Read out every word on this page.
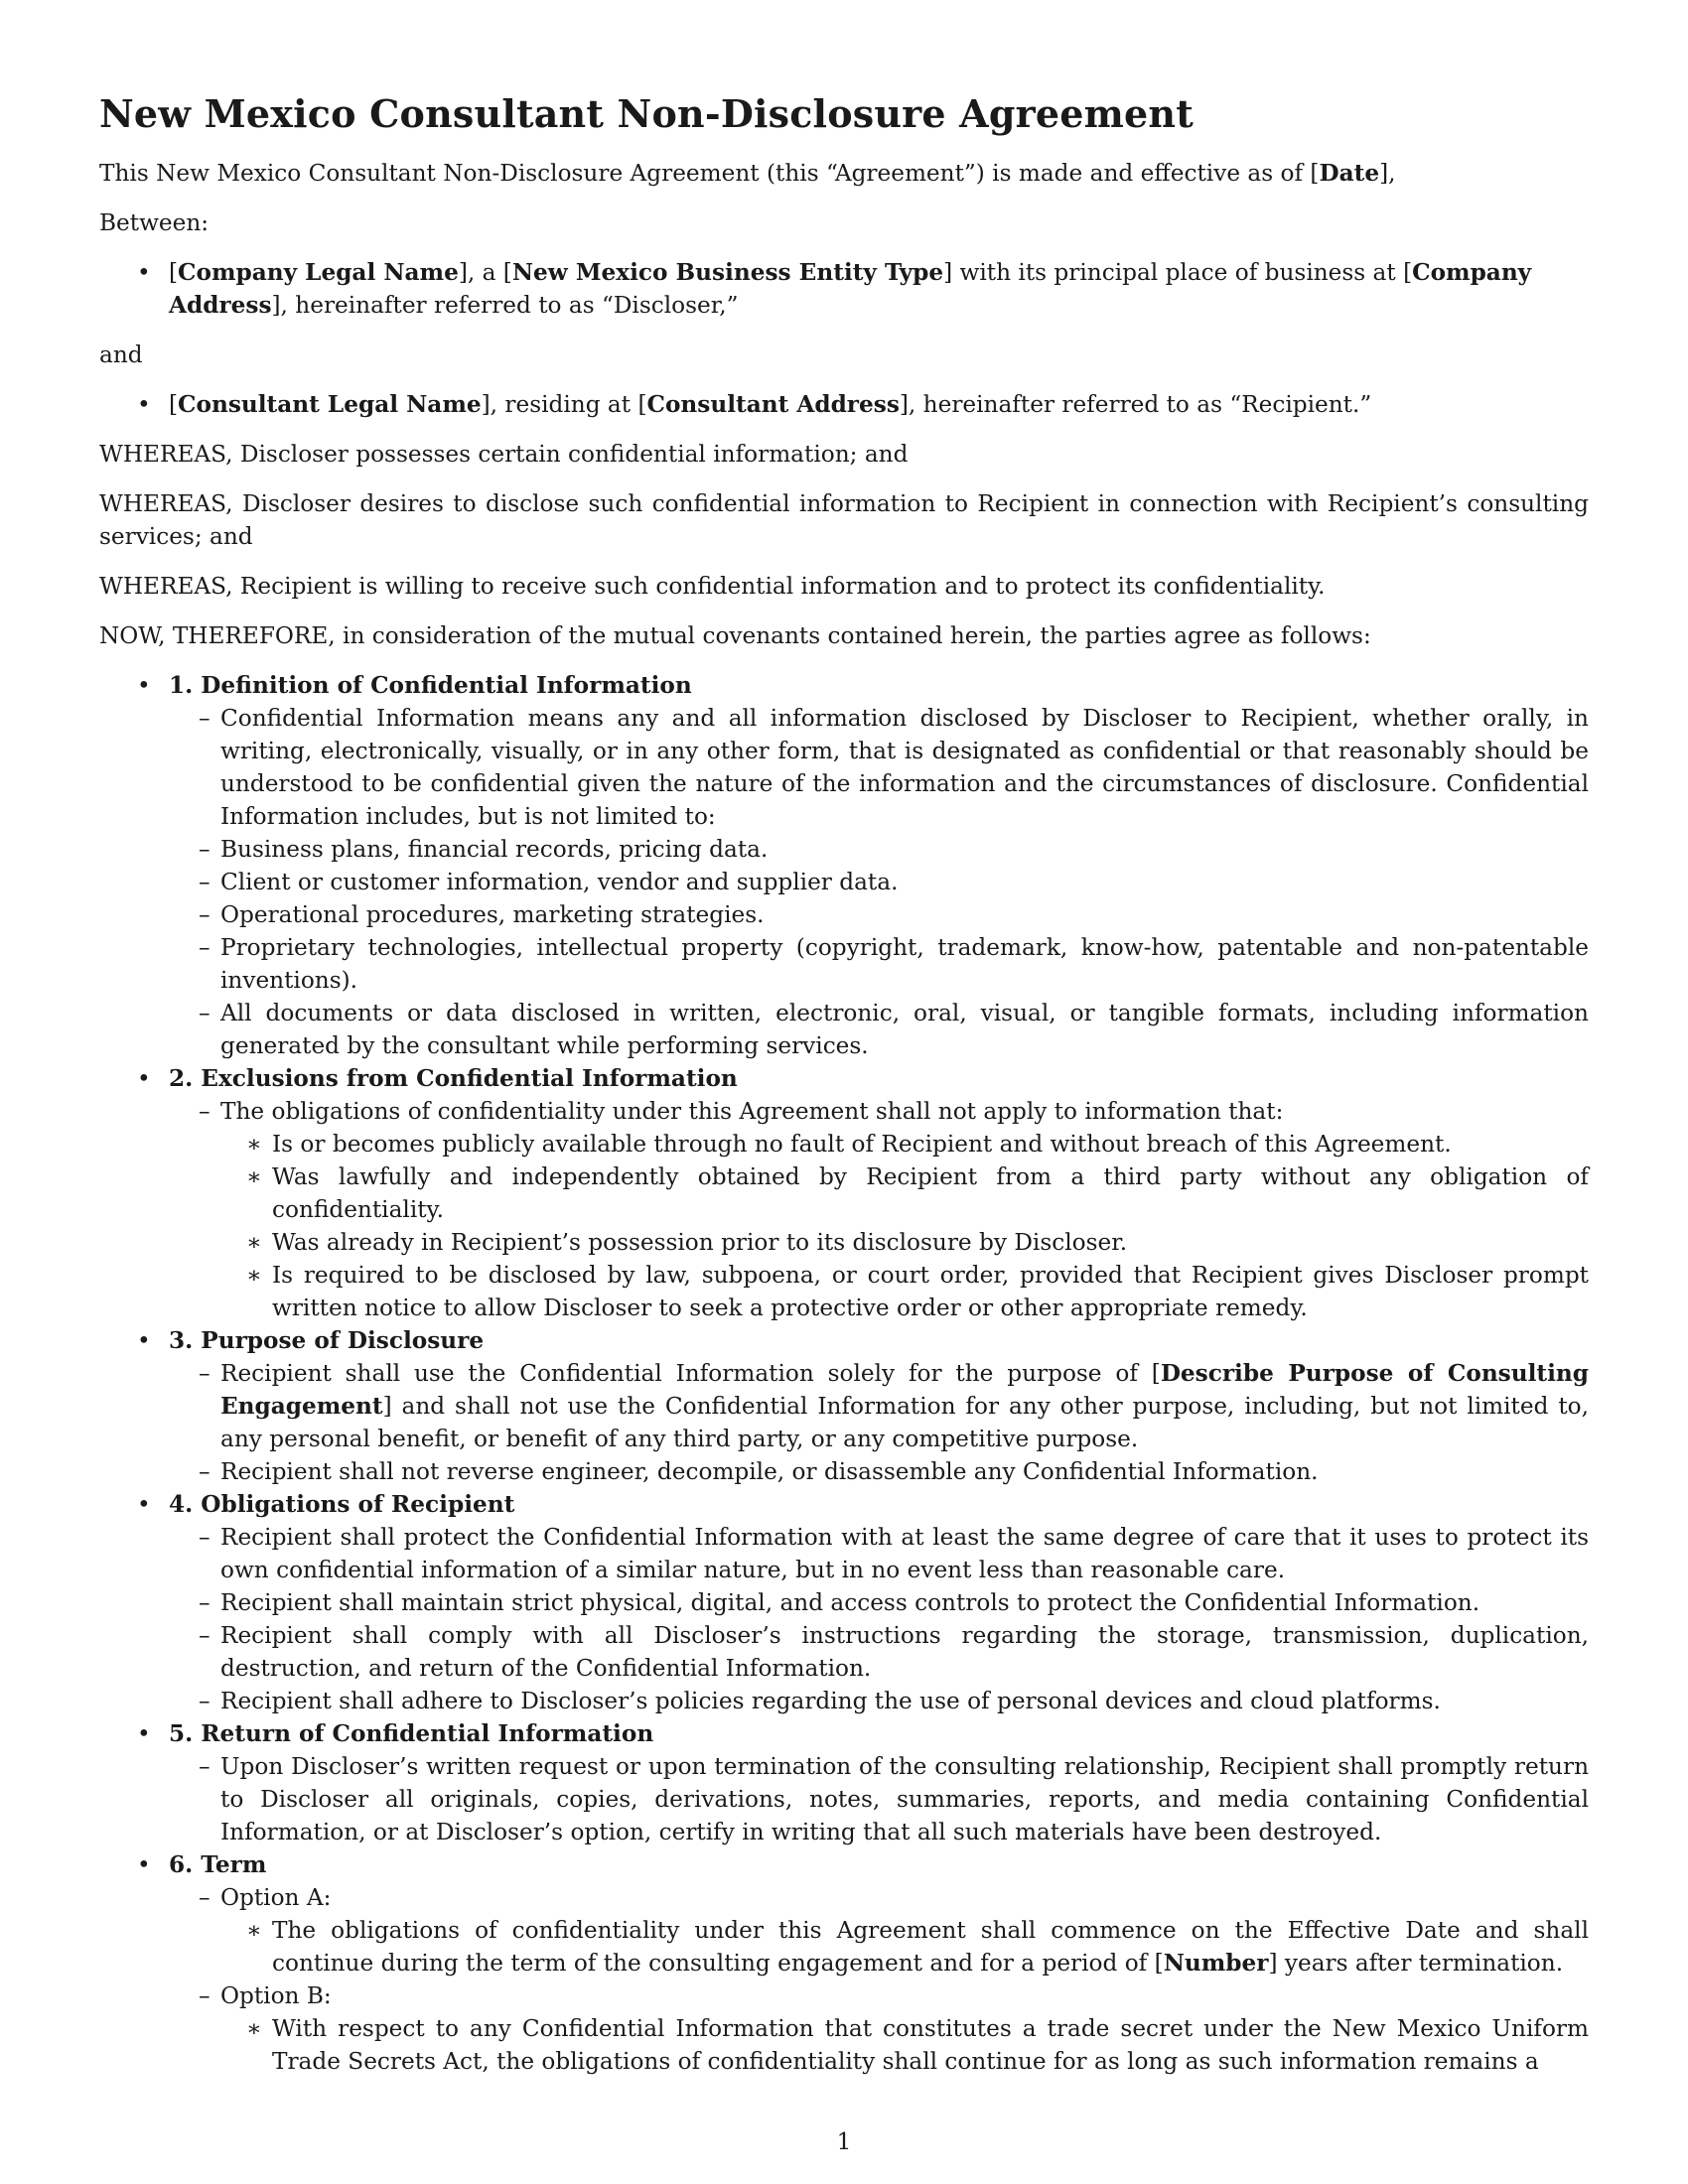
New Mexico Consultant Non-Disclosure Agreement

This New Mexico Consultant Non-Disclosure Agreement (this “Agreement”) is made and effective as of [Date],

Between:

• [Company Legal Name], a [New Mexico Business Entity Type] with its principal place of business at [Company Address], hereinafter referred to as “Discloser,”

and

• [Consultant Legal Name], residing at [Consultant Address], hereinafter referred to as “Recipient.”

WHEREAS, Discloser possesses certain confidential information; and

WHEREAS, Discloser desires to disclose such confidential information to Recipient in connection with Recipient’s consulting services; and

WHEREAS, Recipient is willing to receive such confidential information and to protect its confidentiality.

NOW, THEREFORE, in consideration of the mutual covenants contained herein, the parties agree as follows:

• 1. Definition of Confidential Information
– Confidential Information means any and all information disclosed by Discloser to Recipient, whether orally, in writing, electronically, visually, or in any other form, that is designated as confidential or that reasonably should be understood to be confidential given the nature of the information and the circumstances of disclosure. Confidential Information includes, but is not limited to:
– Business plans, financial records, pricing data.
– Client or customer information, vendor and supplier data.
– Operational procedures, marketing strategies.
– Proprietary technologies, intellectual property (copyright, trademark, know-how, patentable and non-patentable inventions).
– All documents or data disclosed in written, electronic, oral, visual, or tangible formats, including information generated by the consultant while performing services.
• 2. Exclusions from Confidential Information
– The obligations of confidentiality under this Agreement shall not apply to information that:
∗ Is or becomes publicly available through no fault of Recipient and without breach of this Agreement.
∗ Was lawfully and independently obtained by Recipient from a third party without any obligation of confidentiality.
∗ Was already in Recipient’s possession prior to its disclosure by Discloser.
∗ Is required to be disclosed by law, subpoena, or court order, provided that Recipient gives Discloser prompt written notice to allow Discloser to seek a protective order or other appropriate remedy.
• 3. Purpose of Disclosure
– Recipient shall use the Confidential Information solely for the purpose of [Describe Purpose of Consulting Engagement] and shall not use the Confidential Information for any other purpose, including, but not limited to, any personal benefit, or benefit of any third party, or any competitive purpose.
– Recipient shall not reverse engineer, decompile, or disassemble any Confidential Information.
• 4. Obligations of Recipient
– Recipient shall protect the Confidential Information with at least the same degree of care that it uses to protect its own confidential information of a similar nature, but in no event less than reasonable care.
– Recipient shall maintain strict physical, digital, and access controls to protect the Confidential Information.
– Recipient shall comply with all Discloser’s instructions regarding the storage, transmission, duplication, destruction, and return of the Confidential Information.
– Recipient shall adhere to Discloser’s policies regarding the use of personal devices and cloud platforms.
• 5. Return of Confidential Information
– Upon Discloser’s written request or upon termination of the consulting relationship, Recipient shall promptly return to Discloser all originals, copies, derivations, notes, summaries, reports, and media containing Confidential Information, or at Discloser’s option, certify in writing that all such materials have been destroyed.
• 6. Term
– Option A:
∗ The obligations of confidentiality under this Agreement shall commence on the Effective Date and shall continue during the term of the consulting engagement and for a period of [Number] years after termination.
– Option B:
∗ With respect to any Confidential Information that constitutes a trade secret under the New Mexico Uniform Trade Secrets Act, the obligations of confidentiality shall continue for as long as such information remains a
1
